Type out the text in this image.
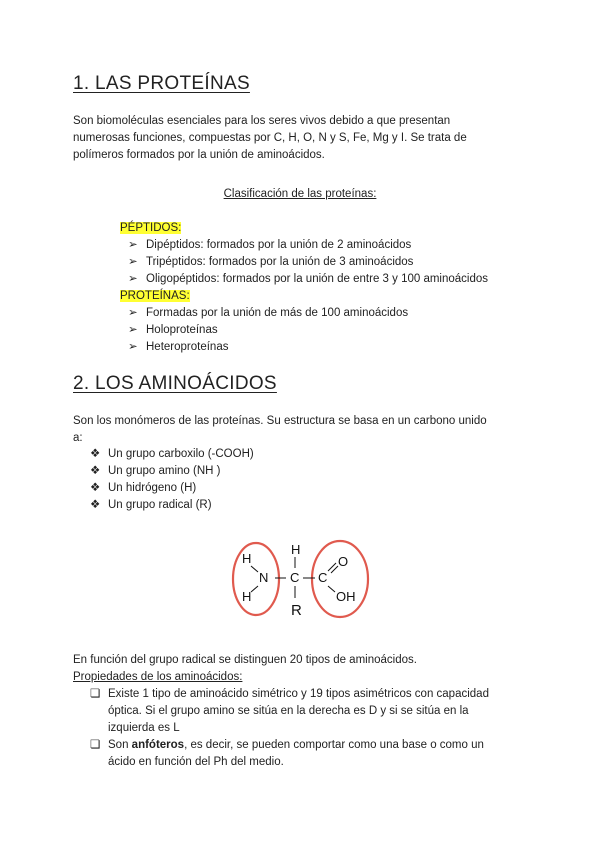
1. LAS PROTEÍNAS
Son biomoléculas esenciales para los seres vivos debido a que presentan
numerosas funciones, compuestas por C, H, O, N y S, Fe, Mg y I. Se trata de
polímeros formados por la unión de aminoácidos.
Clasificación de las proteínas:
PÉPTIDOS:
➢ Dipéptidos: formados por la unión de 2 aminoácidos
➢ Tripéptidos: formados por la unión de 3 aminoácidos
➢ Oligopéptidos: formados por la unión de entre 3 y 100 aminoácidos
PROTEÍNAS:
➢ Formadas por la unión de más de 100 aminoácidos
➢ Holoproteínas
➢ Heteroproteínas
2. LOS AMINOÁCIDOS
Son los monómeros de las proteínas. Su estructura se basa en un carbono unido
a:
❖ Un grupo carboxilo (-COOH)
❖ Un grupo amino (NH )
❖ Un hidrógeno (H)
❖ Un grupo radical (R)
H
H
N
H
C C
O
OH
R
En función del grupo radical se distinguen 20 tipos de aminoácidos.
Propiedades de los aminoácidos:
❏ Existe 1 tipo de aminoácido simétrico y 19 tipos asimétricos con capacidad
óptica. Si el grupo amino se sitúa en la derecha es D y si se sitúa en la
izquierda es L
❏ Son anfóteros, es decir, se pueden comportar como una base o como un
ácido en función del Ph del medio.
